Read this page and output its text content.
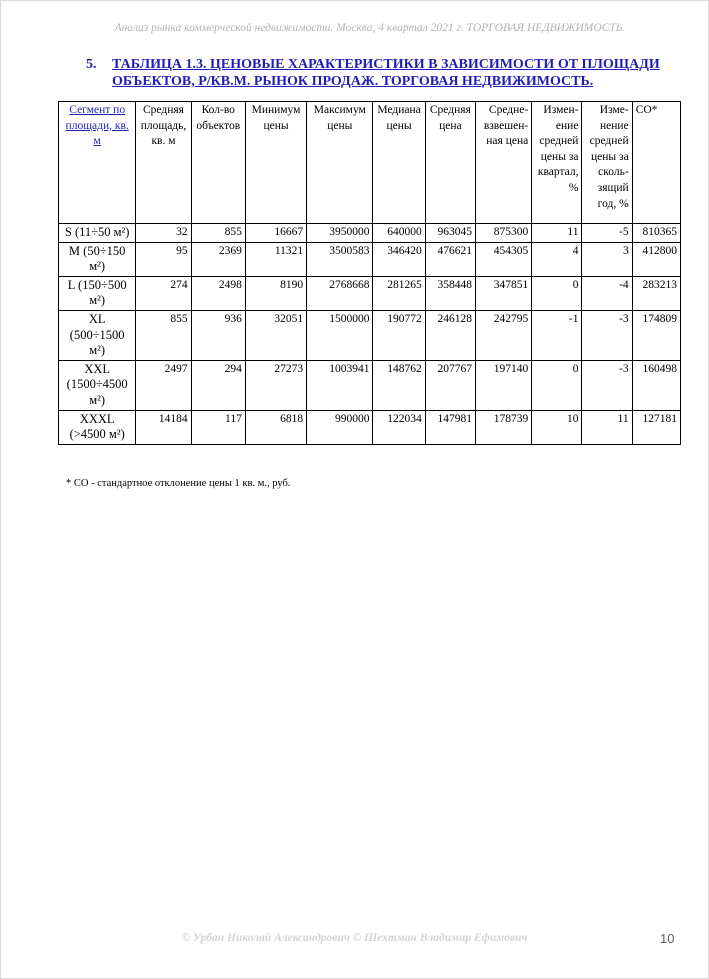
Анализ рынка коммерческой недвижимости. Москва, 4 квартал 2021 г. ТОРГОВАЯ НЕДВИЖИМОСТЬ.
5. ТАБЛИЦА 1.3. ЦЕНОВЫЕ ХАРАКТЕРИСТИКИ В ЗАВИСИМОСТИ ОТ ПЛОЩАДИ ОБЪЕКТОВ, Р/КВ.М. РЫНОК ПРОДАЖ. ТОРГОВАЯ НЕДВИЖИМОСТЬ.
Сегмент по площади, кв. м	Средняя площадь, кв. м	Кол-во объектов	Минимум цены	Максимум цены	Медиана цены	Средняя цена	Средне-взвешен-ная цена	Измен-ение средней цены за квартал, %	Изме-нение средней цены за сколь-зящий год, %	СО*
S (11÷50 м²)	32	855	16667	3950000	640000	963045	875300	11	-5	810365
M (50÷150 м²)	95	2369	11321	3500583	346420	476621	454305	4	3	412800
L (150÷500 м²)	274	2498	8190	2768668	281265	358448	347851	0	-4	283213
XL (500÷1500 м²)	855	936	32051	1500000	190772	246128	242795	-1	-3	174809
XXL (1500÷4500 м²)	2497	294	27273	1003941	148762	207767	197140	0	-3	160498
XXXL (>4500 м²)	14184	117	6818	990000	122034	147981	178739	10	11	127181
* СО - стандартное отклонение цены 1 кв. м., руб.
© Урбан Николай Александрович © Шехтман Владимир Ефимович	10
